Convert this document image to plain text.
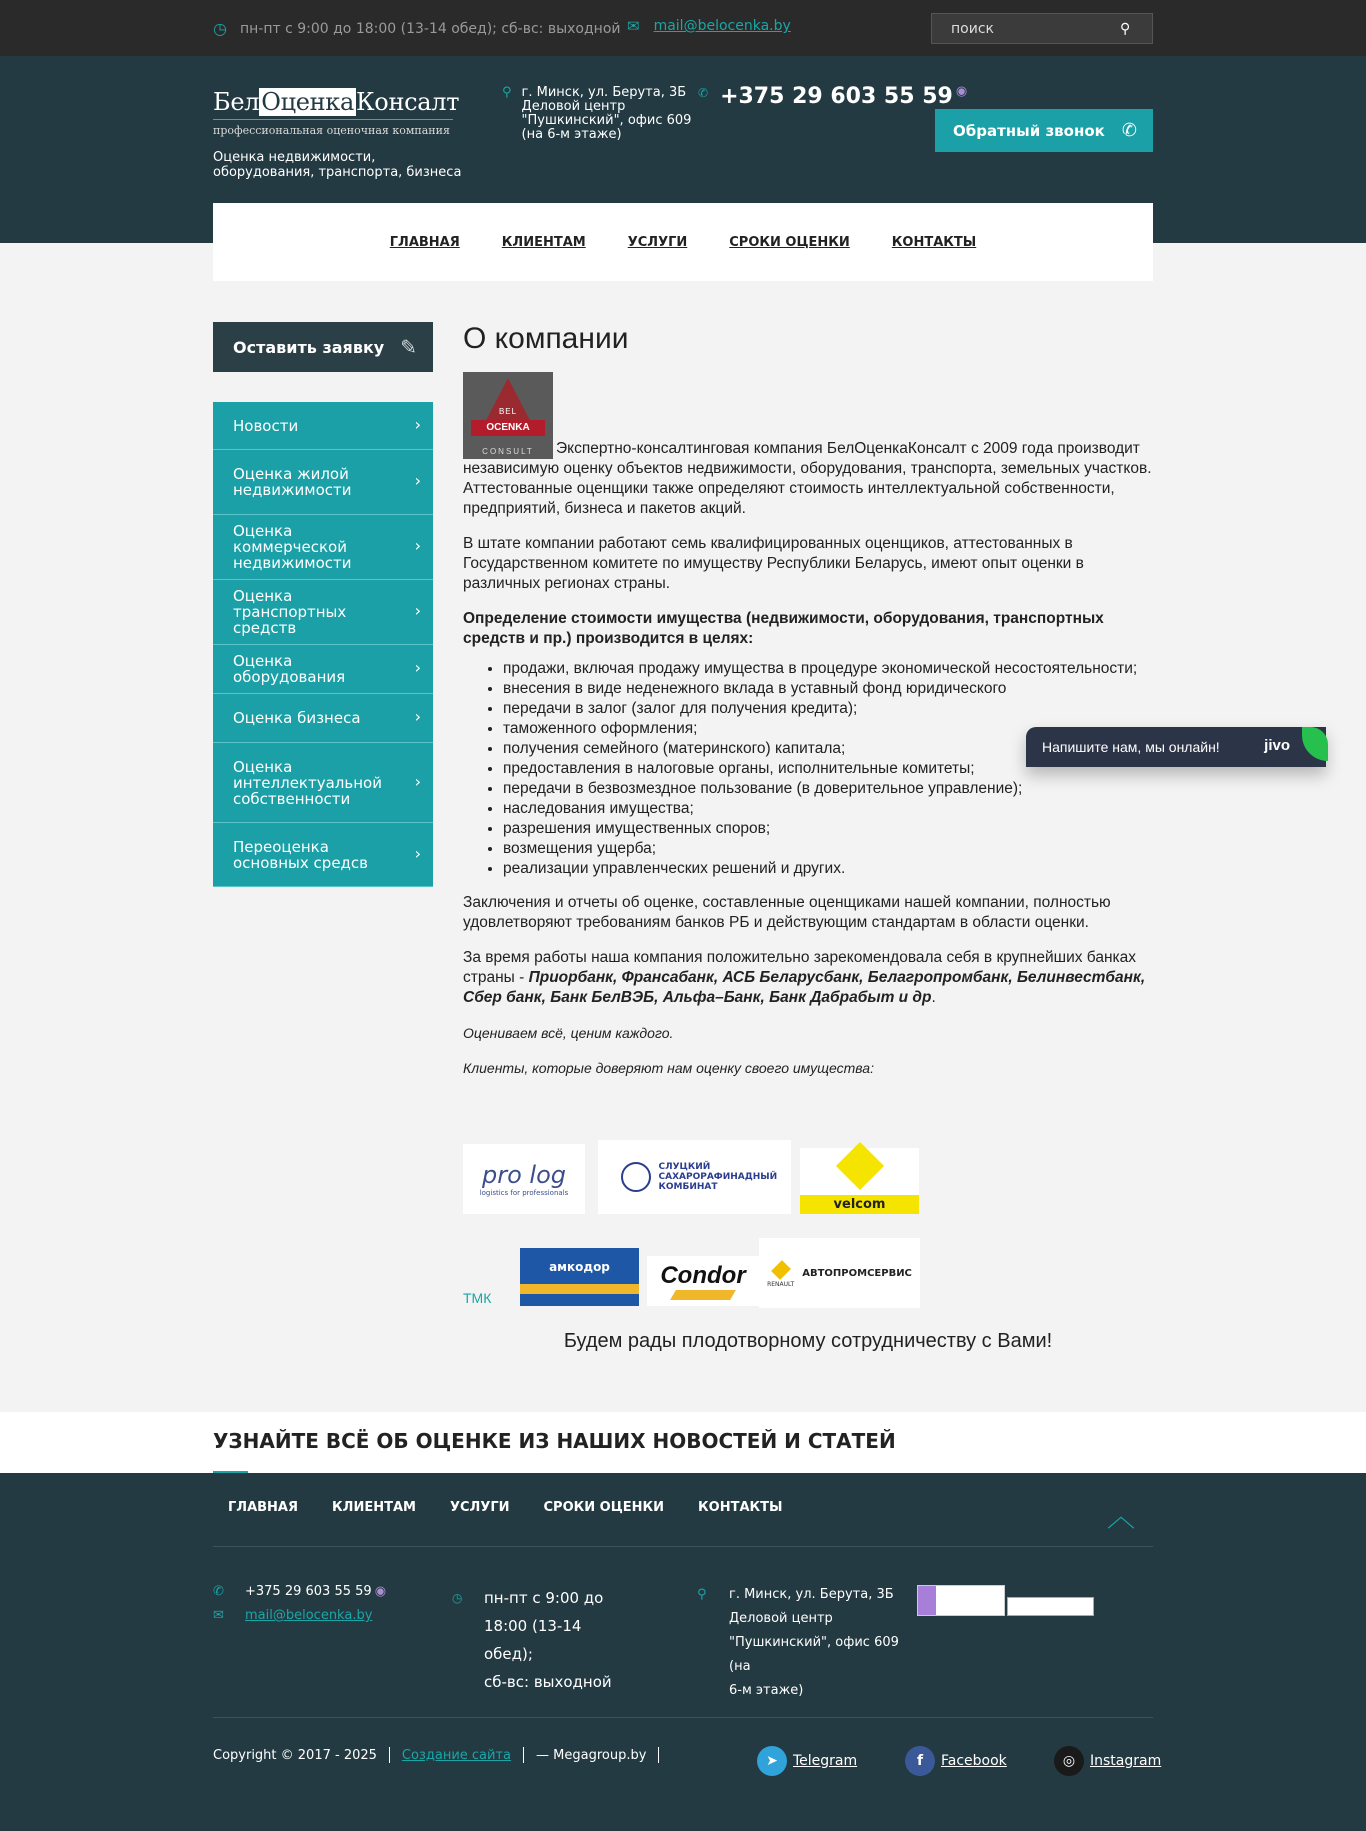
◷ пн-пт с 9:00 до 18:00 (13-14 обед); сб-вс: выходной ✉ mail@belocenka.by
поиск	⚲
БелОценкаКонсалт
профессиональная оценочная компания
Оценка недвижимости, оборудования, транспорта, бизнеса
⚲ г. Минск, ул. Берута, 3Б
Деловой центр
"Пушкинский", офис 609
(на 6-м этаже)
✆ +375 29 603 55 59 ◉
Обратный звонок ✆
ГЛАВНАЯ	КЛИЕНТАМ	УСЛУГИ	СРОКИ ОЦЕНКИ	КОНТАКТЫ
Оставить заявку ✎
Новости	›
Оценка жилой недвижимости	›
Оценка коммерческой недвижимости
›
Оценка транспортных средств
›
Оценка оборудования	›
Оценка бизнеса	›
Оценка интеллектуальной собственности
›
Переоценка основных средсв	›
О компании

BEL
OCENKA
CONSULT	Экспертно-консалтинговая компания БелОценкаКонсалт с 2009 года производит независимую оценку объектов недвижимости, оборудования, транспорта, земельных участков. Аттестованные оценщики также определяют стоимость интеллектуальной собственности, предприятий, бизнеса и пакетов акций.

В штате компании работают семь квалифицированных оценщиков, аттестованных в Государственном комитете по имуществу Республики Беларусь, имеют опыт оценки в различных регионах страны.

Определение стоимости имущества (недвижимости, оборудования, транспортных средств и пр.) производится в целях:

• продажи, включая продажу имущества в процедуре экономической несостоятельности;
• внесения в виде неденежного вклада в уставный фонд юридического
• передачи в залог (залог для получения кредита);
• таможенного оформления;
• получения семейного (материнского) капитала;
• предоставления в налоговые органы, исполнительные комитеты;
• передачи в безвозмездное пользование (в доверительное управление);
• наследования имущества;
• разрешения имущественных споров;
• возмещения ущерба;
• реализации управленческих решений и других.

Заключения и отчеты об оценке, составленные оценщиками нашей компании, полностью удовлетворяют требованиям банков РБ и действующим стандартам в области оценки.

За время работы наша компания положительно зарекомендовала себя в крупнейших банках страны - Приорбанк, Франсабанк, АСБ Беларусбанк, Белагропромбанк, Белинвестбанк, Сбер банк, Банк БелВЭБ, Альфа–Банк, Банк Дабрабыт и др.

Оцениваем всё, ценим каждого.

Клиенты, которые доверяют нам оценку своего имущества:

pro log
logistics for professionals
СЛУЦКИЙ САХАРОРАФИНАДНЫЙ КОМБИНАТ
velcom
ТМК
амкодор Condor	RENAULT
АВТОПРОМСЕРВИС
Будем рады плодотворному сотрудничеству с Вами!
Напишите нам, мы онлайн!	jivo
УЗНАЙТЕ ВСЁ ОБ ОЦЕНКЕ ИЗ НАШИХ НОВОСТЕЙ И СТАТЕЙ
ГЛАВНАЯ	КЛИЕНТАМ	УСЛУГИ	СРОКИ ОЦЕНКИ	КОНТАКТЫ	︿
✆ +375 29 603 55 59 ◉
✉ mail@belocenka.by
◷ пн-пт с 9:00 до
18:00 (13-14 обед);
сб-вс: выходной
⚲ г. Минск, ул. Берута, 3Б
Деловой центр
"Пушкинский", офис 609 (на
6-м этаже)
Copyright © 2017 - 2025 Создание сайта — Megagroup.by	➤	Telegram	f	Facebook	◎	Instagram
